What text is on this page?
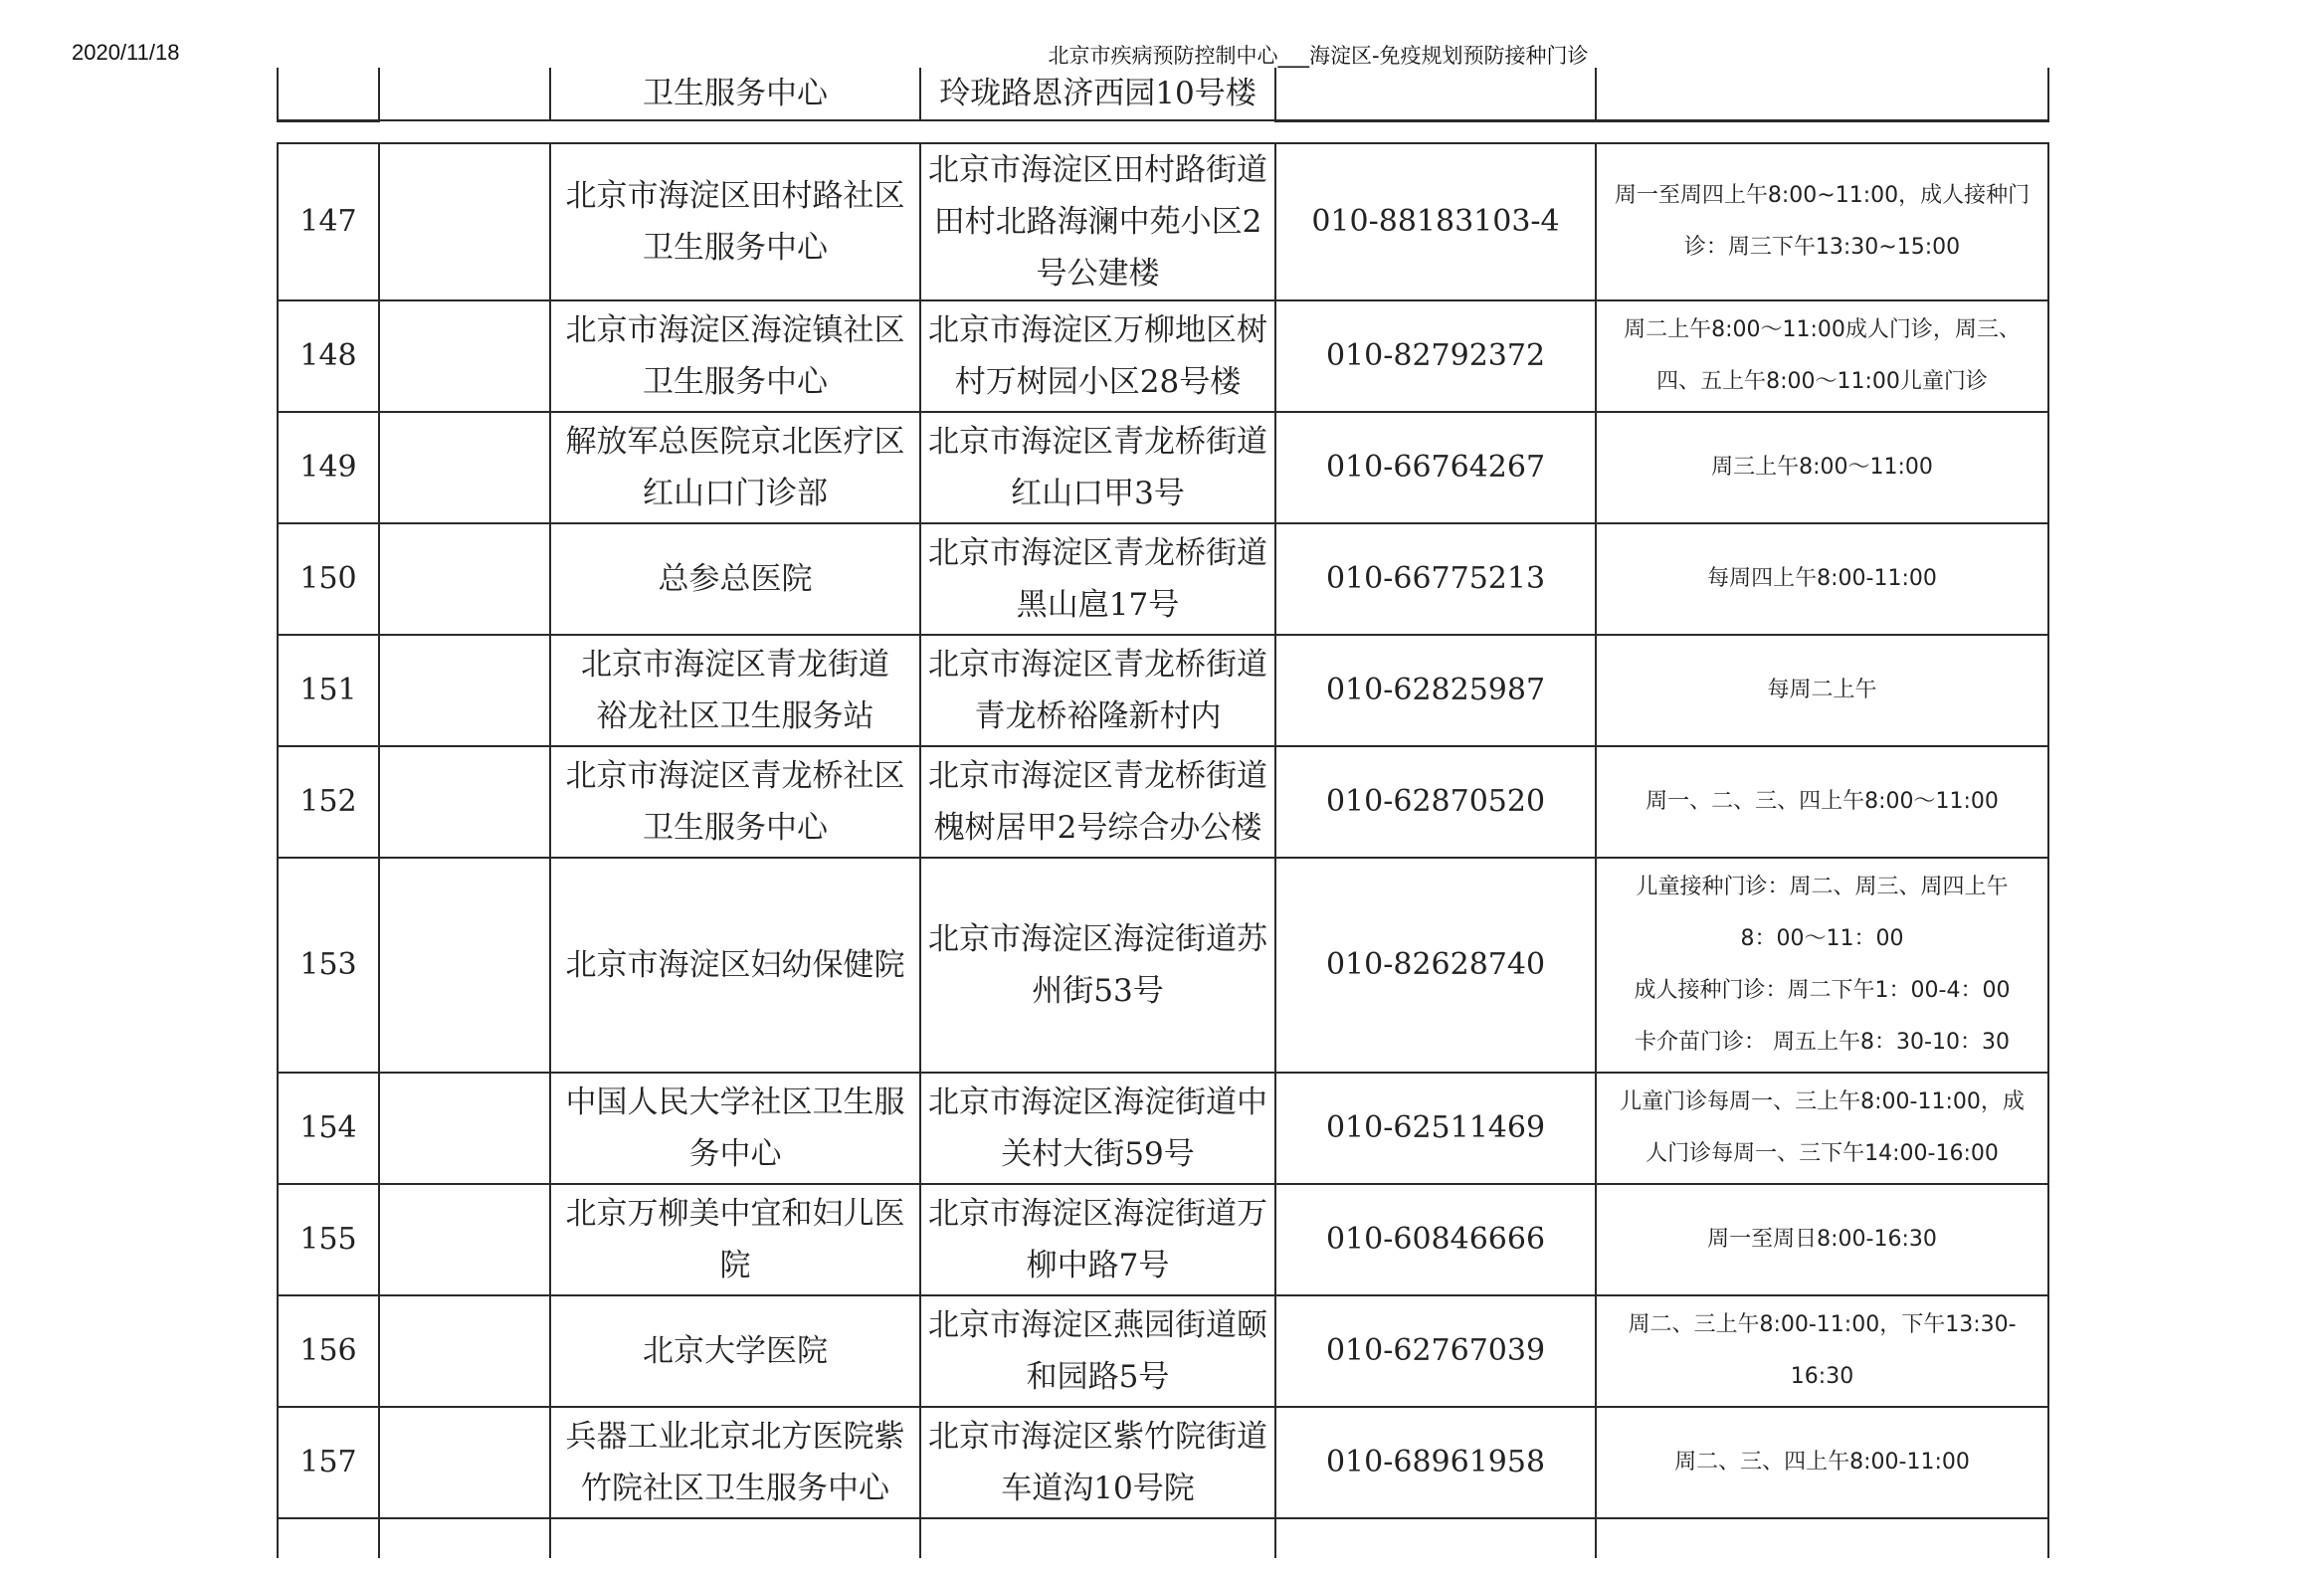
2020/11/18	北京市疾病预防控制中心___海淀区-免疫规划预防接种门诊
		卫生服务中心	玲珑路恩济西园10号楼		

147		北京市海淀区田村路社区
卫生服务中心	北京市海淀区田村路街道
田村北路海澜中苑小区2
号公建楼	010-88183103-4	周一至周四上午8:00~11:00，成人接种门
诊：周三下午13:30~15:00

148		北京市海淀区海淀镇社区
卫生服务中心	北京市海淀区万柳地区树
村万树园小区28号楼	010-82792372	周二上午8:00～11:00成人门诊，周三、
四、五上午8:00～11:00儿童门诊

149		解放军总医院京北医疗区
红山口门诊部	北京市海淀区青龙桥街道
红山口甲3号	010-66764267	周三上午8:00～11:00

150		总参总医院	北京市海淀区青龙桥街道
黑山扈17号	010-66775213	每周四上午8:00-11:00

151		北京市海淀区青龙街道
裕龙社区卫生服务站	北京市海淀区青龙桥街道
青龙桥裕隆新村内	010-62825987	每周二上午

152		北京市海淀区青龙桥社区
卫生服务中心	北京市海淀区青龙桥街道
槐树居甲2号综合办公楼	010-62870520	周一、二、三、四上午8:00～11:00

153		北京市海淀区妇幼保健院	北京市海淀区海淀街道苏
州街53号	010-82628740	儿童接种门诊：周二、周三、周四上午
8：00～11：00
成人接种门诊：周二下午1：00-4：00
卡介苗门诊： 周五上午8：30-10：30

154		中国人民大学社区卫生服
务中心	北京市海淀区海淀街道中
关村大街59号	010-62511469	儿童门诊每周一、三上午8:00-11:00，成
人门诊每周一、三下午14:00-16:00

155		北京万柳美中宜和妇儿医
院	北京市海淀区海淀街道万
柳中路7号	010-60846666	周一至周日8:00-16:30

156		北京大学医院	北京市海淀区燕园街道颐
和园路5号	010-62767039	周二、三上午8:00-11:00，下午13:30-
16:30

157		兵器工业北京北方医院紫
竹院社区卫生服务中心	北京市海淀区紫竹院街道
车道沟10号院	010-68961958	周二、三、四上午8:00-11:00
